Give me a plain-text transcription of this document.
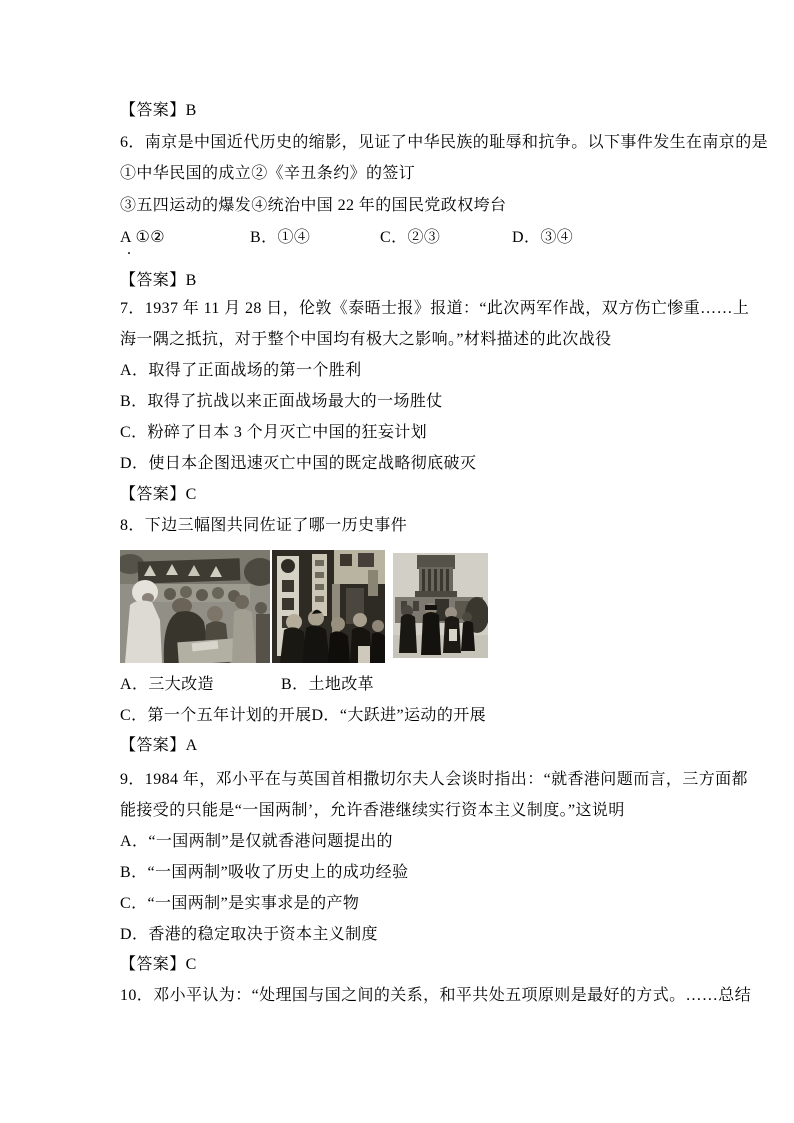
【答案】B
6．南京是中国近代历史的缩影，见证了中华民族的耻辱和抗争。以下事件发生在南京的是
①中华民国的成立②《辛丑条约》的签订
③五四运动的爆发④统治中国 22 年的国民党政权垮台
A ①②	B．①④	C．②③	D．③④
.
【答案】B
7．1937 年 11 月 28 日，伦敦《泰晤士报》报道：“此次两军作战，双方伤亡惨重……上
海一隅之抵抗，对于整个中国均有极大之影响。”材料描述的此次战役
A．取得了正面战场的第一个胜利
B．取得了抗战以来正面战场最大的一场胜仗
C．粉碎了日本 3 个月灭亡中国的狂妄计划
D．使日本企图迅速灭亡中国的既定战略彻底破灭
【答案】C
8．下边三幅图共同佐证了哪一历史事件
A．三大改造	B．土地改革
C．第一个五年计划的开展D．“大跃进”运动的开展
【答案】A
9．1984 年，邓小平在与英国首相撒切尔夫人会谈时指出：“就香港问题而言，三方面都
能接受的只能是“一国两制’，允许香港继续实行资本主义制度。”这说明
A．“一国两制”是仅就香港问题提出的
B．“一国两制”吸收了历史上的成功经验
C．“一国两制”是实事求是的产物
D．香港的稳定取决于资本主义制度
【答案】C
10．邓小平认为：“处理国与国之间的关系，和平共处五项原则是最好的方式。……总结
